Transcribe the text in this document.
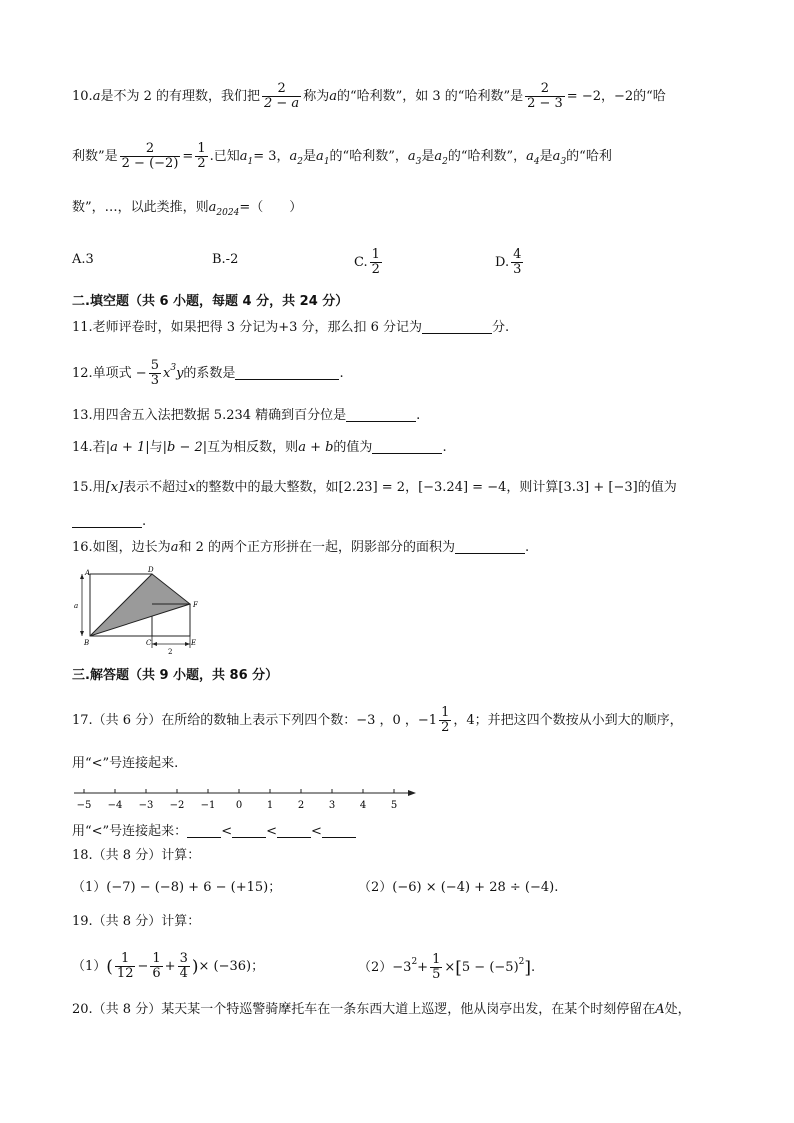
10.a是不为 2 的有理数，我们把 $\frac{2}{2 - a}$ 称为a的“哈利数”，如 3 的“哈利数”是 $\frac{2}{2 - 3} = -2$，−2的“哈
利数”是 $\frac{2}{2 - (-2)} = \frac{1}{2}$ .已知$a_1= 3$，$a_2$是$a_1$的“哈利数”，$a_3$是$a_2$的“哈利数”，$a_4$是$a_3$的“哈利
数”，…，以此类推，则$a_{2024}=$（　　）
A.3	B.-2	C. $\frac{1}{2}$	D. $\frac{4}{3}$
二.填空题（共 6 小题，每题 4 分，共 24 分）
11.老师评卷时，如果把得 3 分记为+3 分，那么扣 6 分记为	分.
12.单项式 − $\frac{5}{3} x^3y$的系数是	.
13.用四舍五入法把数据 5.234 精确到百分位是	.
14.若|a + 1|与|b − 2|互为相反数，则a + b的值为	.
15.用[x]表示不超过x的整数中的最大整数，如[2.23] = 2，[−3.24] = −4，则计算[3.3] + [−3]的值为
.
16.如图，边长为a和 2 的两个正方形拼在一起，阴影部分的面积为	.
A	D
F
B	C	E
a
2
三.解答题（共 9 小题，共 86 分）
17.（共 6 分）在所给的数轴上表示下列四个数：−3 ，0 ，$-1 \frac{1}{2}$ ，4；并把这四个数按从小到大的顺序，
用“<”号连接起来.
−5 −4 −3 −2 −1 0 1 2 3 4 5
用“<”号连接起来：	<	<	<
18.（共 8 分）计算：
（1）(−7) − (−8) + 6 − (+15)；	（2）(−6) × (−4) + 28 ÷ (−4).
19.（共 8 分）计算：
$(1)( \frac{1}{12} - \frac{1}{6} + \frac{3}{4}$ )× (−36)；	$(2)-3^2+ \frac{1}{5} \times[5 - (-5)^2]$.
20.（共 8 分）某天某一个特巡警骑摩托车在一条东西大道上巡逻，他从岗亭出发，在某个时刻停留在A处，
